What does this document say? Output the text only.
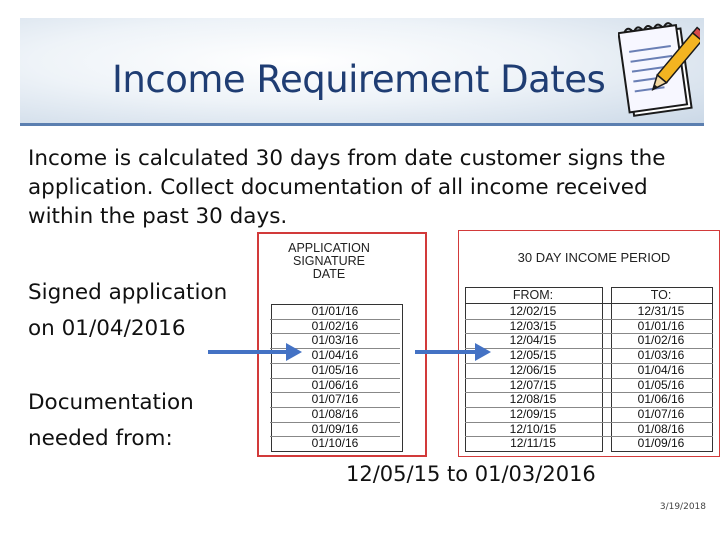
Income Requirement Dates
Income is calculated 30 days from date customer signs the application. Collect documentation of all income received within the past 30 days.
Signed application
on 01/04/2016
Documentation
needed from:
APPLICATION
SIGNATURE
DATE
30 DAY INCOME PERIOD
FROM:	TO:
01/01/16	12/02/15	12/31/15
01/02/16	12/03/15	01/01/16
01/03/16	12/04/15	01/02/16
01/04/16	12/05/15	01/03/16
01/05/16	12/06/15	01/04/16
01/06/16	12/07/15	01/05/16
01/07/16	12/08/15	01/06/16
01/08/16	12/09/15	01/07/16
01/09/16	12/10/15	01/08/16
01/10/16	12/11/15	01/09/16
12/05/15 to 01/03/2016
3/19/2018
